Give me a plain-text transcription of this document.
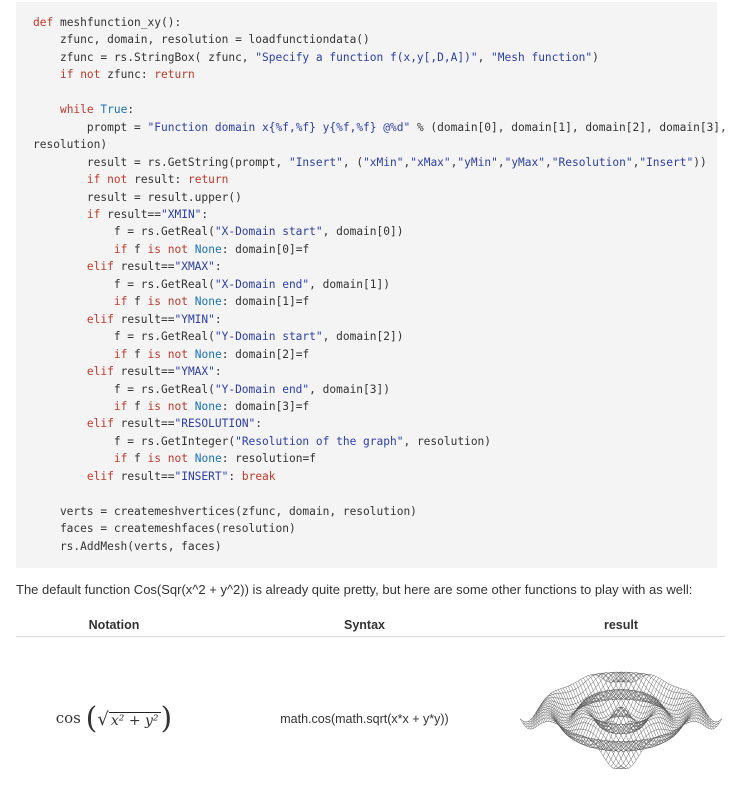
def meshfunction_xy():
zfunc, domain, resolution = loadfunctiondata()
zfunc = rs.StringBox( zfunc, "Specify a function f(x,y[,D,A])", "Mesh function")
if not zfunc: return

while True:
prompt = "Function domain x{%f,%f} y{%f,%f} @%d" % (domain[0], domain[1], domain[2], domain[3],
resolution)
result = rs.GetString(prompt, "Insert", ("xMin","xMax","yMin","yMax","Resolution","Insert"))
if not result: return
result = result.upper()
if result=="XMIN":
f = rs.GetReal("X-Domain start", domain[0])
if f is not None: domain[0]=f
elif result=="XMAX":
f = rs.GetReal("X-Domain end", domain[1])
if f is not None: domain[1]=f
elif result=="YMIN":
f = rs.GetReal("Y-Domain start", domain[2])
if f is not None: domain[2]=f
elif result=="YMAX":
f = rs.GetReal("Y-Domain end", domain[3])
if f is not None: domain[3]=f
elif result=="RESOLUTION":
f = rs.GetInteger("Resolution of the graph", resolution)
if f is not None: resolution=f
elif result=="INSERT": break

verts = createmeshvertices(zfunc, domain, resolution)
faces = createmeshfaces(resolution)
rs.AddMesh(verts, faces)

The default function Cos(Sqr(x^2 + y^2)) is already quite pretty, but here are some other functions to play with as well:

Notation	Syntax	result
cos (√ x² + y²)	math.cos(math.sqrt(x*x + y*y))	
